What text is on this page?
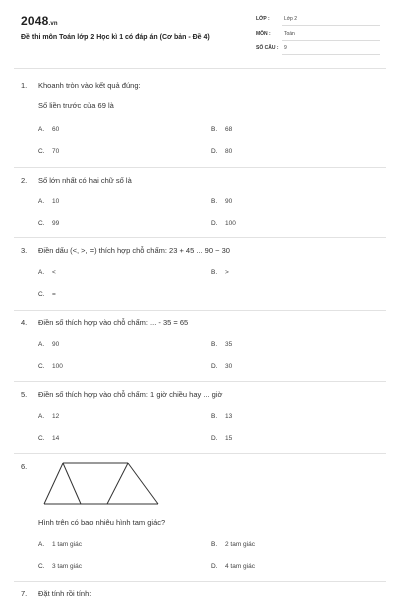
2048.vn
Đề thi môn Toán lớp 2 Học kì 1 có đáp án (Cơ bản - Đề 4)
LỚP :	Lớp 2
MÔN :	Toán
SỐ CÂU : 9
1. Khoanh tròn vào kết quả đúng:
Số liền trước của 69 là
A. 60	B. 68
C. 70	D. 80
2. Số lớn nhất có hai chữ số là
A. 10	B. 90
C. 99	D. 100
3. Điền dấu (<, >, =) thích hợp chỗ chấm: 23 + 45 ... 90 − 30
A. <	B. >
C. =
4. Điền số thích hợp vào chỗ chấm: ... - 35 = 65
A. 90	B. 35
C. 100	D. 30
5. Điền số thích hợp vào chỗ chấm: 1 giờ chiều hay ... giờ
A. 12	B. 13
C. 14	D. 15
6.
Hình trên có bao nhiêu hình tam giác?
A. 1 tam giác	B. 2 tam giác
C. 3 tam giác	D. 4 tam giác
7. Đặt tính rồi tính:
